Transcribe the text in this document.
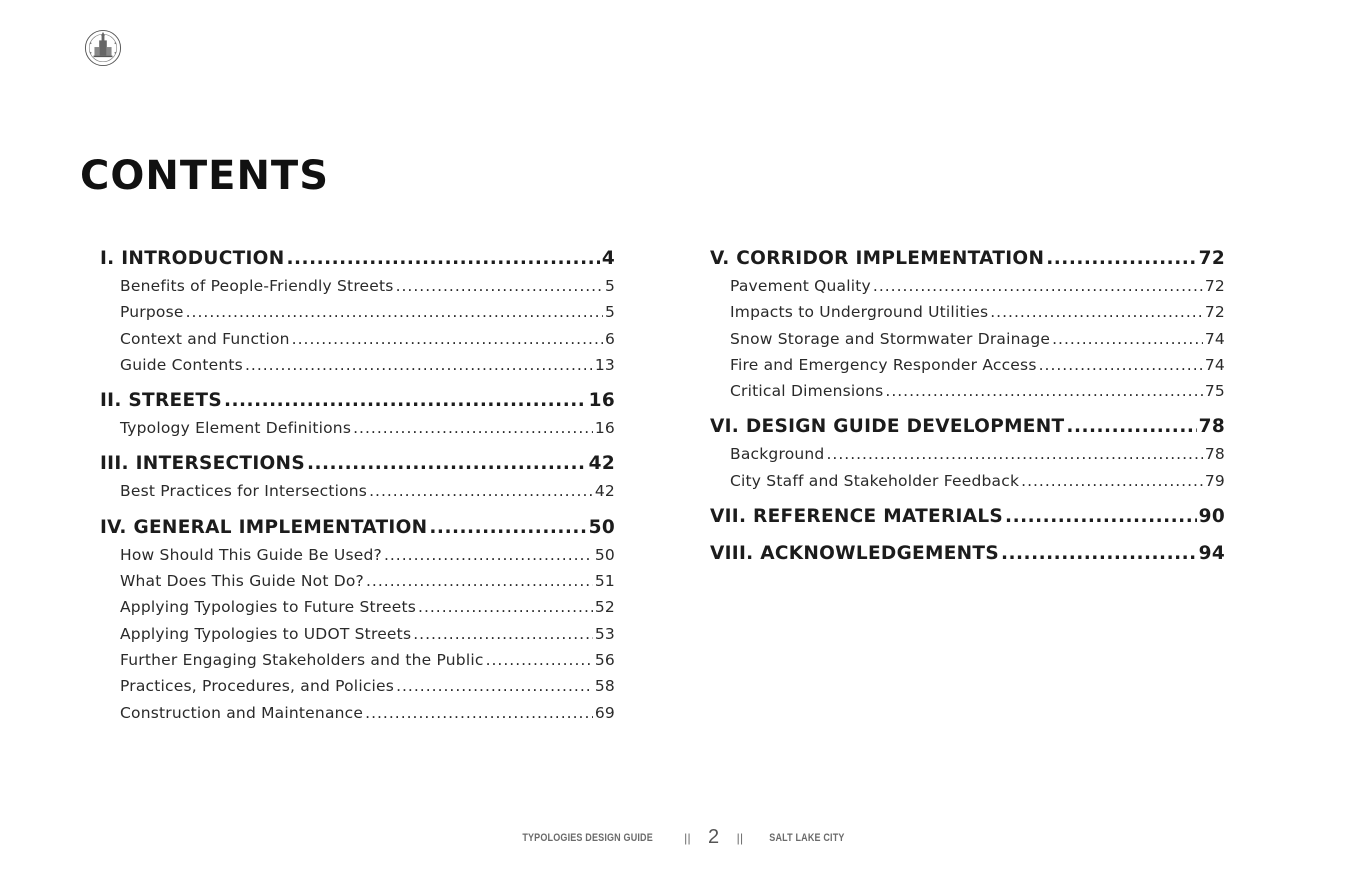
CONTENTS
I. INTRODUCTION .....	4
Benefits of People-Friendly Streets .....	5
Purpose .....	5
Context and Function .....	6
Guide Contents .....	13
II. STREETS .....	16
Typology Element Definitions .....	16
III. INTERSECTIONS .....	42
Best Practices for Intersections .....	42
IV. GENERAL IMPLEMENTATION .....	50
How Should This Guide Be Used? .....	50
What Does This Guide Not Do? .....	51
Applying Typologies to Future Streets .....	52
Applying Typologies to UDOT Streets .....	53
Further Engaging Stakeholders and the Public .....	56
Practices, Procedures, and Policies .....	58
Construction and Maintenance .....	69
V. CORRIDOR IMPLEMENTATION .....	72
Pavement Quality .....	72
Impacts to Underground Utilities .....	72
Snow Storage and Stormwater Drainage .....	74
Fire and Emergency Responder Access .....	74
Critical Dimensions .....	75
VI. DESIGN GUIDE DEVELOPMENT .....	78
Background .....	78
City Staff and Stakeholder Feedback .....	79
VII. REFERENCE MATERIALS .....	90
VIII. ACKNOWLEDGEMENTS .....	94
TYPOLOGIES DESIGN GUIDE	|| 2 || SALT LAKE CITY
